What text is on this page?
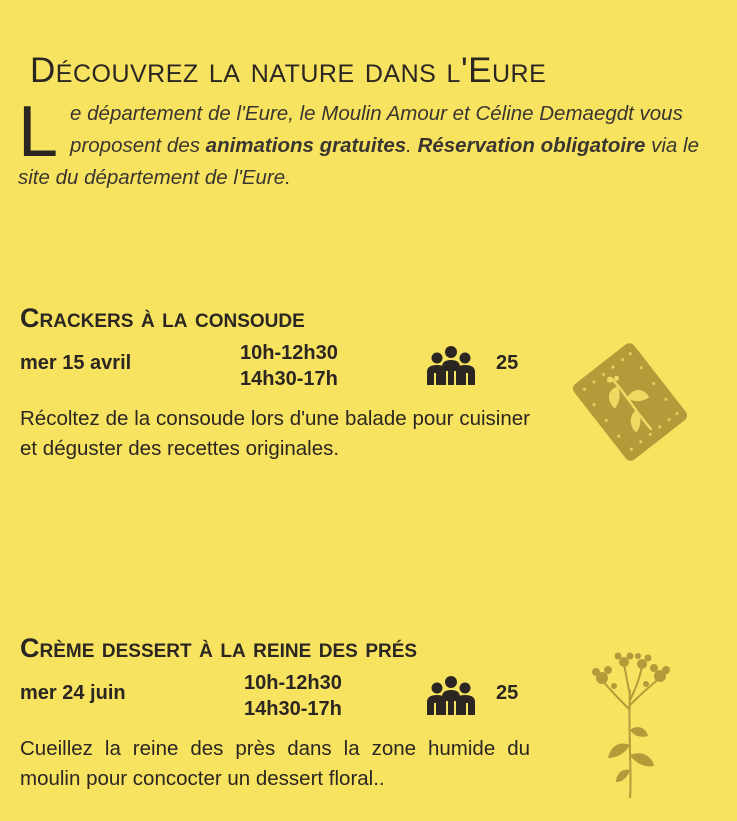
Découvrez la nature dans l'Eure
Le département de l'Eure, le Moulin Amour et Céline Demaegdt vous proposent des animations gratuites. Réservation obligatoire via le site du département de l'Eure.
Crackers à la consoude
mer 15 avril	10h-12h30
14h30-17h
25
Récoltez de la consoude lors d'une balade pour cuisiner et déguster des recettes originales.
Crème dessert à la reine des prés
mer 24 juin	10h-12h30
14h30-17h
25
Cueillez la reine des près dans la zone humide du moulin pour concocter un dessert floral..
